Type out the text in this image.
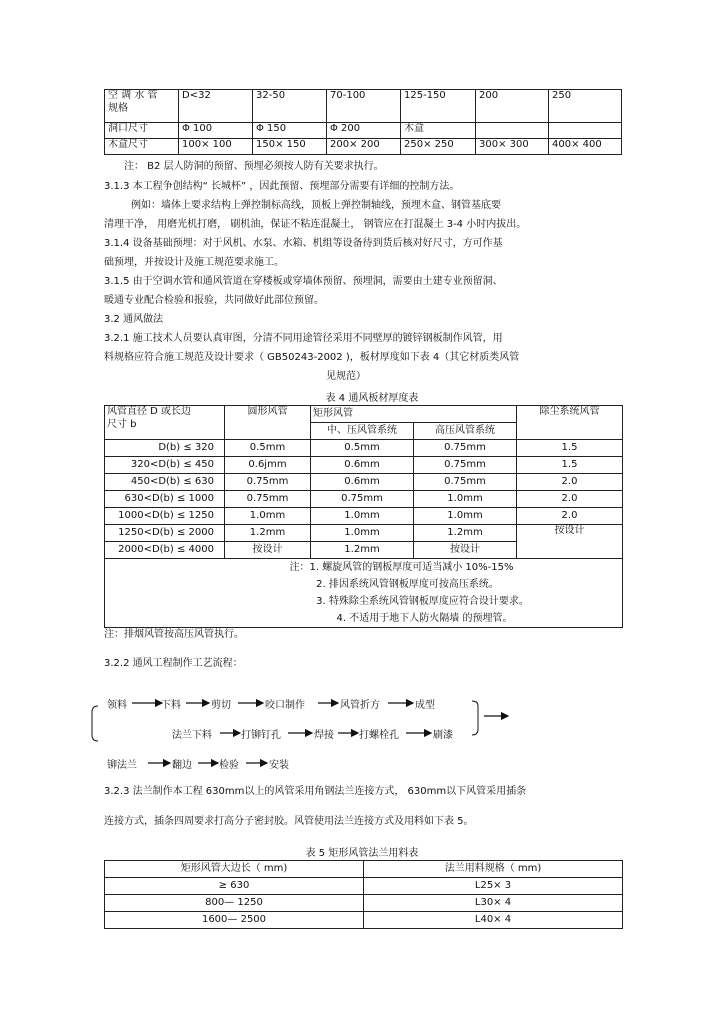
空 调 水 管
规格	D<32	32-50	70-100	125-150	200	250
洞口尺寸	Φ 100	Φ 150	Φ 200	木盒		
木盒尺寸	100× 100	150× 150	200× 200	250× 250	300× 300	400× 400
注： B2 层人防洞的预留、预埋必须按人防有关要求执行。
3.1.3 本工程争创结构“ 长城杯” ，因此预留、预埋部分需要有详细的控制方法。
例如：墙体上要求结构上弹控制标高线，顶板上弹控制轴线，预埋木盒、钢管基底要
清理干净， 用磨光机打磨， 刷机油，保证不粘连混凝土， 钢管应在打混凝土 3-4 小时内拔出。
3.1.4 设备基础预埋：对于风机、水泵、水箱、机组等设备待到货后核对好尺寸，方可作基
础预埋，并按设计及施工规范要求施工。
3.1.5 由于空调水管和通风管道在穿楼板或穿墙体预留、预埋洞，需要由土建专业预留洞、
暖通专业配合检验和报验，共同做好此部位预留。
3.2 通风做法
3.2.1 施工技术人员要认真审图，分清不同用途管径采用不同壁厚的镀锌钢板制作风管，用
料规格应符合施工规范及设计要求（ GB50243-2002 )，板材厚度如下表 4（其它材质类风管
见规范）
表 4 通风板材厚度表
风管直径 D 或长边
尺寸 b	圆形风管	矩形风管		除尘系统风管
		中、压风管系统	高压风管系统	
D(b) ≤ 320	0.5mm	0.5mm	0.75mm	1.5
320<D(b) ≤ 450	0.6jmm	0.6mm	0.75mm	1.5
450<D(b) ≤ 630	0.75mm	0.6mm	0.75mm	2.0
630<D(b) ≤ 1000	0.75mm	0.75mm	1.0mm	2.0
1000<D(b) ≤ 1250	1.0mm	1.0mm	1.0mm	2.0
1250<D(b) ≤ 2000	1.2mm	1.0mm	1.2mm	按设计
2000<D(b) ≤ 4000	按设计	1.2mm	按设计	

注：1. 螺旋风管的钢板厚度可适当减小 10%-15%
2. 排因系统风管钢板厚度可按高压系统。
3. 特殊除尘系统风管钢板厚度应符合设计要求。
4. 不适用于地下人防火隔墙 的预埋管。				
注：排烟风管按高压风管执行。
3.2.2 通风工程制作工艺流程：
领料	下料	剪切	咬口制作	风管折方	成型
法兰下料	打铆钉孔	焊接	打螺栓孔	刷漆
铆法兰	翻边	检验	安装
3.2.3 法兰制作本工程 630mm以上的风管采用角钢法兰连接方式， 630mm以下风管采用插条
连接方式，插条四周要求打高分子密封胶。风管使用法兰连接方式及用料如下表 5。
表 5 矩形风管法兰用料表
矩形风管大边长（ mm)	法兰用料规格（ mm)
≥ 630	L25× 3
800— 1250	L30× 4
1600— 2500	L40× 4
